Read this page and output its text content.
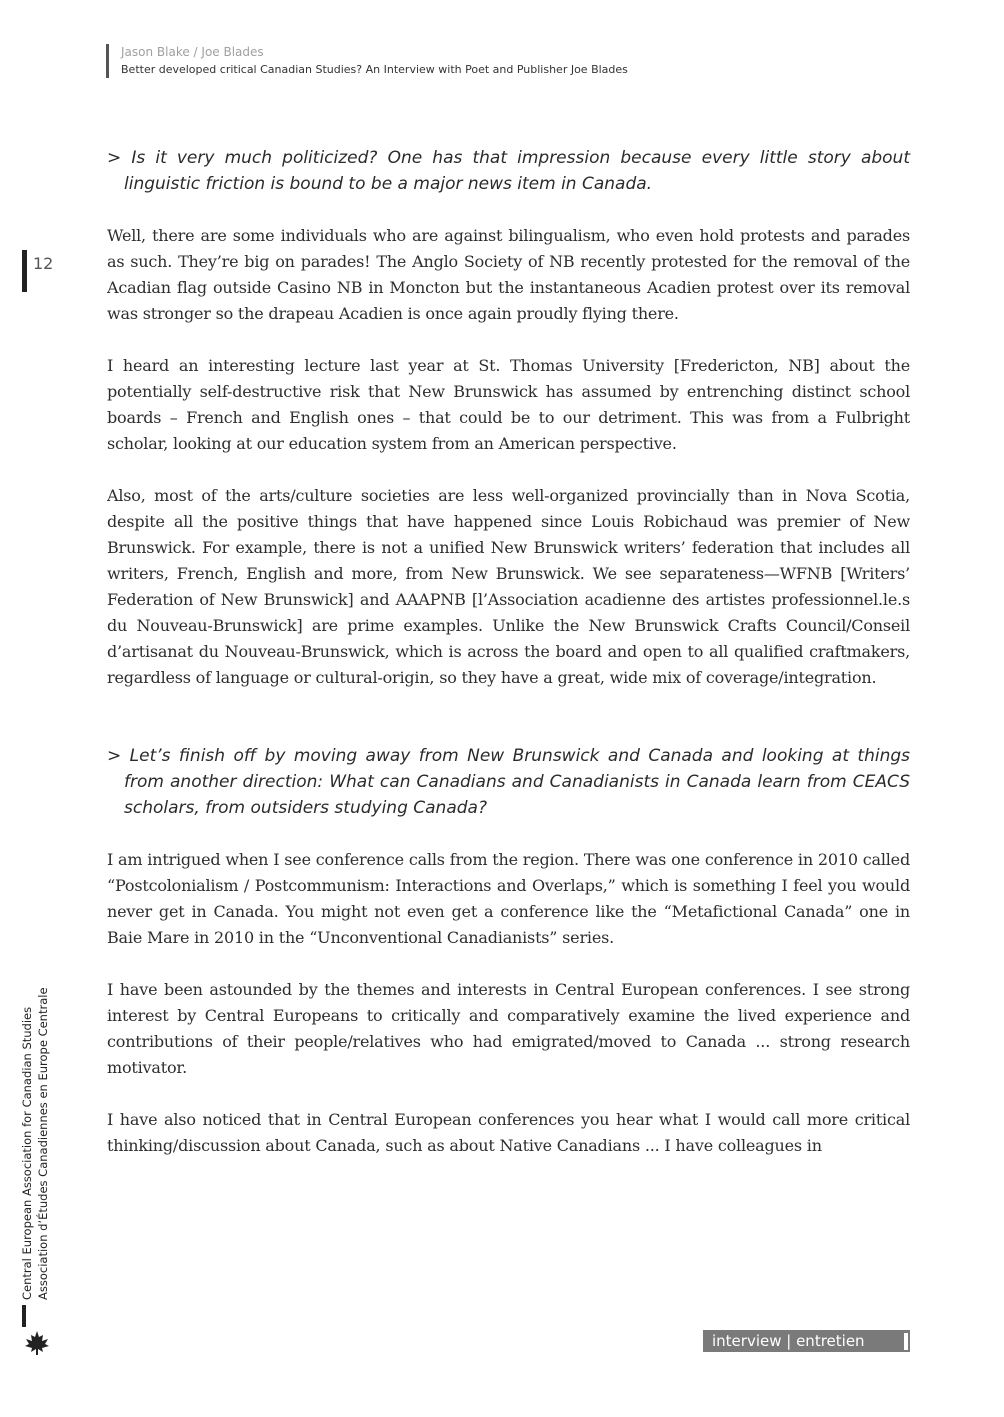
Jason Blake / Joe Blades
Better developed critical Canadian Studies? An Interview with Poet and Publisher Joe Blades
12

> Is it very much politicized? One has that impression because every little story about linguistic friction is bound to be a major news item in Canada.

Well, there are some individuals who are against bilingualism, who even hold protests and parades as such. They’re big on parades! The Anglo Society of NB recently protested for the removal of the Acadian flag outside Casino NB in Moncton but the instantaneous Acadien protest over its removal was stronger so the drapeau Acadien is once again proudly flying there.

I heard an interesting lecture last year at St. Thomas University [Fredericton, NB] about the potentially self-destructive risk that New Brunswick has assumed by entrenching distinct school boards – French and English ones – that could be to our detriment. This was from a Fulbright scholar, looking at our education system from an American perspective.

Also, most of the arts/culture societies are less well-organized provincially than in Nova Scotia, despite all the positive things that have happened since Louis Robichaud was premier of New Brunswick. For example, there is not a unified New Brunswick writers’ federation that includes all writers, French, English and more, from New Brunswick. We see separateness—WFNB [Writers’ Federation of New Brunswick] and AAAPNB [l’Association acadienne des artistes professionnel.le.s du Nouveau-Brunswick] are prime examples. Unlike the New Brunswick Crafts Council/Conseil d’artisanat du Nouveau-Brunswick, which is across the board and open to all qualified craftmakers, regardless of language or cultural-origin, so they have a great, wide mix of coverage/integration.

> Let’s finish off by moving away from New Brunswick and Canada and looking at things from another direction: What can Canadians and Canadianists in Canada learn from CEACS scholars, from outsiders studying Canada?

I am intrigued when I see conference calls from the region. There was one conference in 2010 called “Postcolonialism / Postcommunism: Interactions and Overlaps,” which is something I feel you would never get in Canada. You might not even get a conference like the “Metafictional Canada” one in Baie Mare in 2010 in the “Unconventional Canadianists” series.

I have been astounded by the themes and interests in Central European conferences. I see strong interest by Central Europeans to critically and comparatively examine the lived experience and contributions of their people/relatives who had emigrated/moved to Canada ... strong research motivator.

I have also noticed that in Central European conferences you hear what I would call more critical thinking/discussion about Canada, such as about Native Canadians ... I have colleagues in

Central European Association for Canadian Studies Association d’Études Canadiennes en Europe Centrale
interview | entretien
